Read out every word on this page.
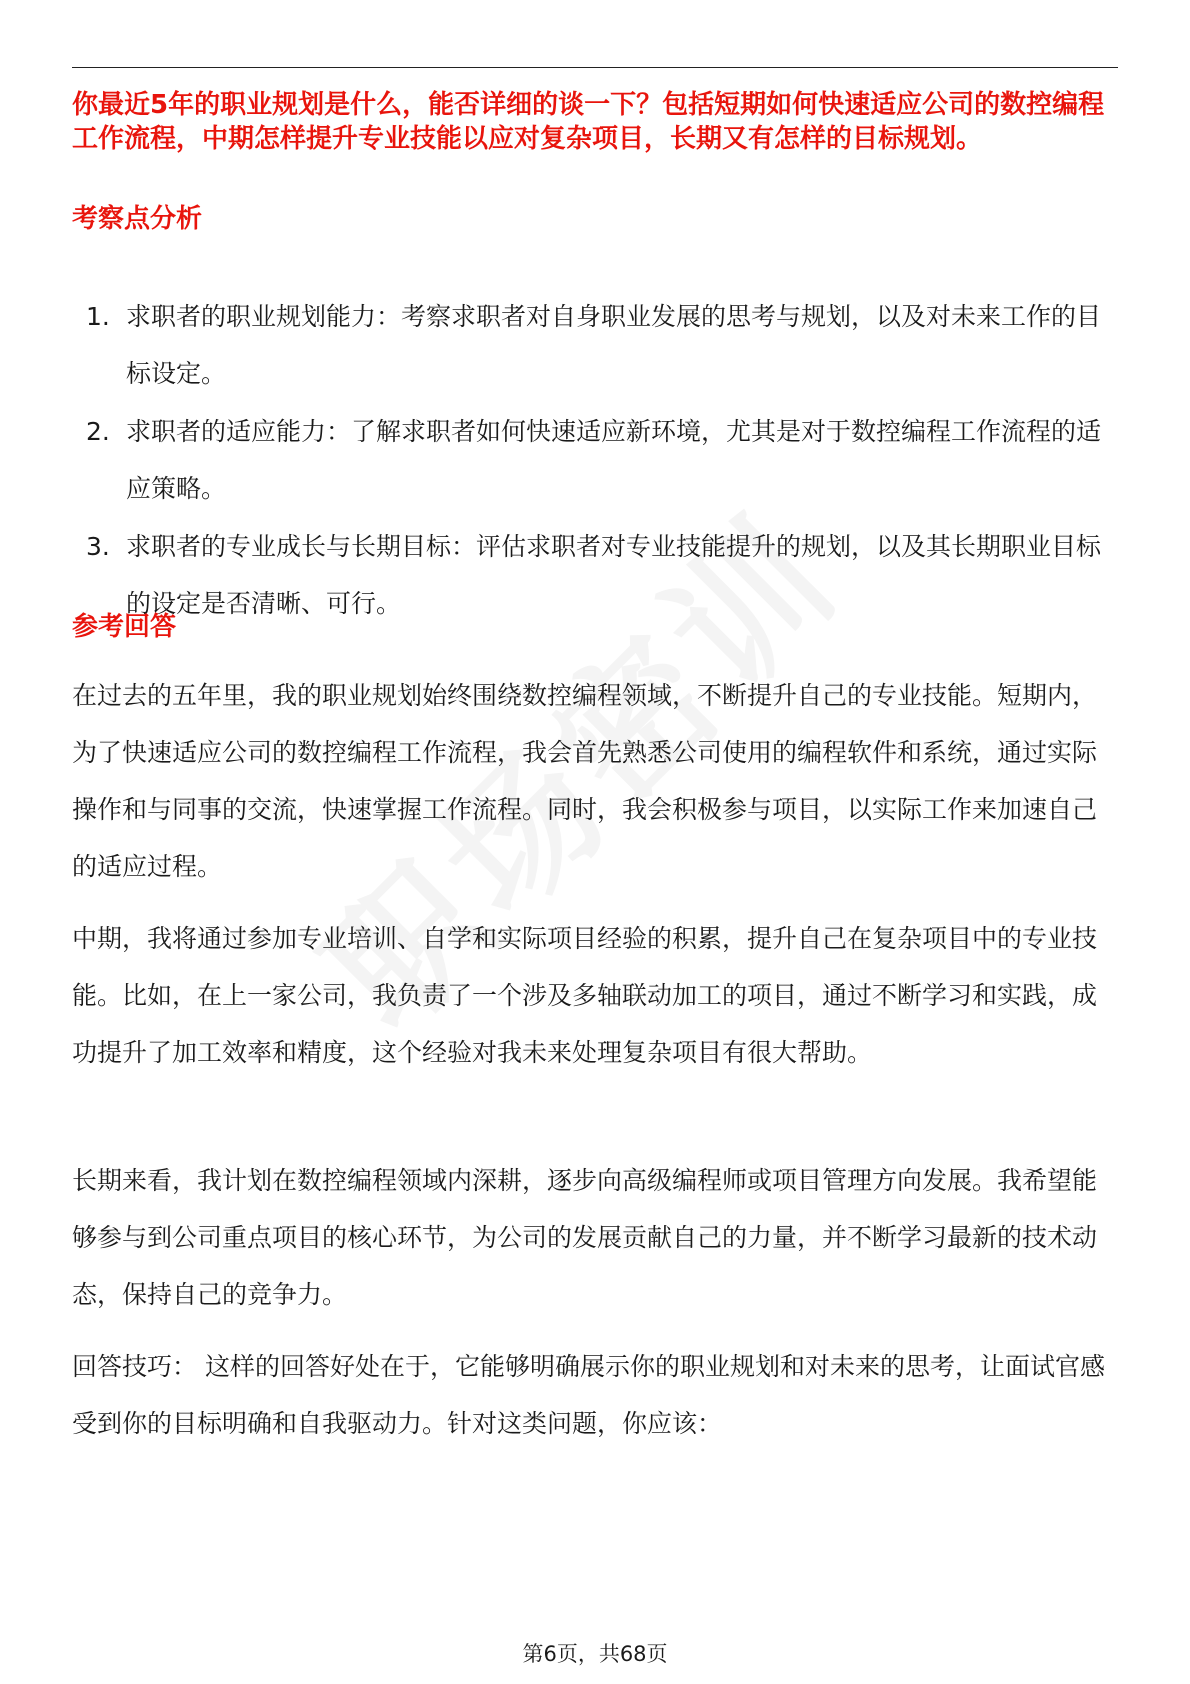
你最近5年的职业规划是什么，能否详细的谈一下？包括短期如何快速适应公司的数控编程工作流程，中期怎样提升专业技能以应对复杂项目，长期又有怎样的目标规划。
考察点分析
1. 求职者的职业规划能力：考察求职者对自身职业发展的思考与规划，以及对未来工作的目标设定。
2. 求职者的适应能力：了解求职者如何快速适应新环境，尤其是对于数控编程工作流程的适应策略。
3. 求职者的专业成长与长期目标：评估求职者对专业技能提升的规划，以及其长期职业目标的设定是否清晰、可行。
参考回答

在过去的五年里，我的职业规划始终围绕数控编程领域，不断提升自己的专业技能。短期内，为了快速适应公司的数控编程工作流程，我会首先熟悉公司使用的编程软件和系统，通过实际操作和与同事的交流，快速掌握工作流程。同时，我会积极参与项目，以实际工作来加速自己的适应过程。

中期，我将通过参加专业培训、自学和实际项目经验的积累，提升自己在复杂项目中的专业技能。比如，在上一家公司，我负责了一个涉及多轴联动加工的项目，通过不断学习和实践，成功提升了加工效率和精度，这个经验对我未来处理复杂项目有很大帮助。

长期来看，我计划在数控编程领域内深耕，逐步向高级编程师或项目管理方向发展。我希望能够参与到公司重点项目的核心环节，为公司的发展贡献自己的力量，并不断学习最新的技术动态，保持自己的竞争力。

回答技巧： 这样的回答好处在于，它能够明确展示你的职业规划和对未来的思考，让面试官感受到你的目标明确和自我驱动力。针对这类问题，你应该：

第6页，共68页
